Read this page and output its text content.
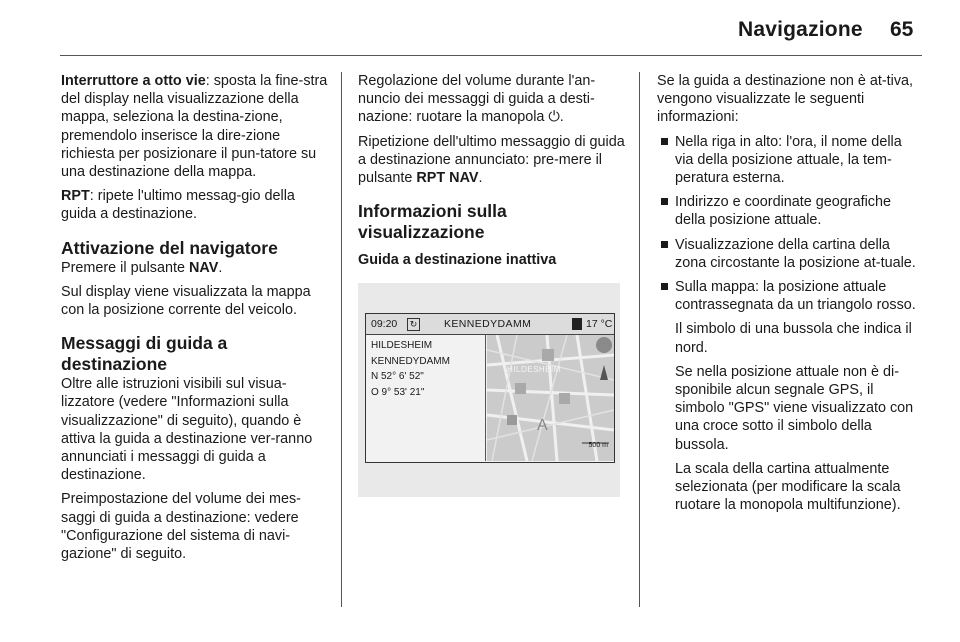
Navigazione 65

Interruttore a otto vie: sposta la fine-stra del display nella visualizzazione della mappa, seleziona la destina-zione, premendolo inserisce la dire-zione richiesta per posizionare il pun-tatore su una destinazione della mappa.

RPT: ripete l'ultimo messag-gio della guida a destinazione.

Attivazione del navigatore

Premere il pulsante NAV.

Sul display viene visualizzata la mappa con la posizione corrente del veicolo.

Messaggi di guida a
destinazione

Oltre alle istruzioni visibili sul visua-lizzatore (vedere "Informazioni sulla visualizzazione" di seguito), quando è attiva la guida a destinazione ver-ranno annunciati i messaggi di guida a destinazione.

Preimpostazione del volume dei mes-saggi di guida a destinazione: vedere "Configurazione del sistema di navi-gazione" di seguito.

Regolazione del volume durante l'an-nuncio dei messaggi di guida a desti-nazione: ruotare la manopola ⏻.

Ripetizione dell'ultimo messaggio di guida a destinazione annunciato: pre-mere il pulsante RPT NAV.

Informazioni sulla
visualizzazione
Guida a destinazione inattiva
09:20	↻	KENNEDYDAMM	17 °C
HILDESHEIM
KENNEDYDAMM
N 52° 6' 52"
O 9° 53' 21"
A
HILDESHEIM
500 m

Se la guida a destinazione non è at-tiva, vengono visualizzate le seguenti informazioni:

Nella riga in alto: l'ora, il nome della via della posizione attuale, la tem-peratura esterna.
Indirizzo e coordinate geografiche della posizione attuale.
Visualizzazione della cartina della zona circostante la posizione at-tuale.

Sulla mappa: la posizione attuale contrassegnata da un triangolo rosso.

Il simbolo di una bussola che indica il nord.

Se nella posizione attuale non è di-sponibile alcun segnale GPS, il simbolo "GPS" viene visualizzato con una croce sotto il simbolo della bussola.

La scala della cartina attualmente selezionata (per modificare la scala ruotare la monopola multifunzione).
